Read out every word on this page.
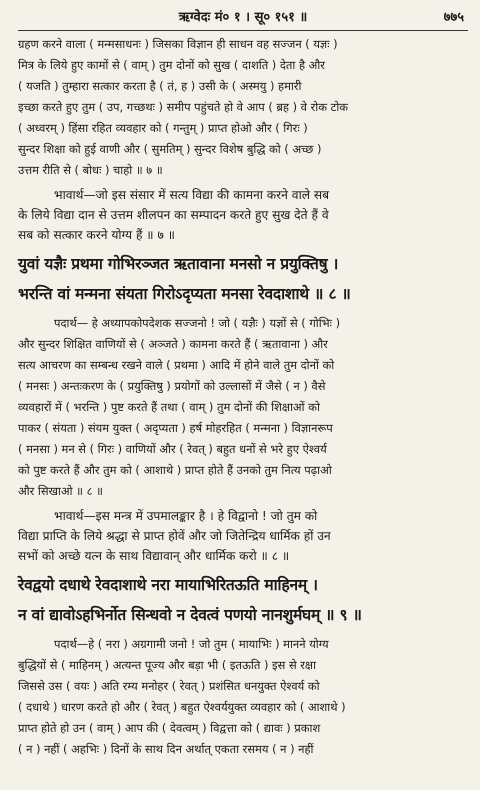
ऋग्वेदः मं० १ । सू० १५१ ॥	७७५
ग्रहण करने वाला ( मन्मसाधनः ) जिसका विज्ञान ही साधन वह सज्जन ( यज्ञः )
मित्र के लिये हुए कामों से ( वाम् ) तुम दोनों को सुख ( दाशति ) देता है और
( यजति ) तुम्हारा सत्कार करता है ( तं, ह ) उसी के ( अस्मयु ) हमारी
इच्छा करते हुए तुम ( उप, गच्छथः ) समीप पहुंचते हो वे आप ( ब्रह ) वे रोक टोक
( अध्वरम् ) हिंसा रहित व्यवहार को ( गन्तुम् ) प्राप्त होओ और ( गिरः )
सुन्दर शिक्षा को हुई वाणी और ( सुमतिम् ) सुन्दर विशेष बुद्धि को ( अच्छ )
उत्तम रीति से ( बोधः ) चाहो ॥ ७ ॥
भावार्थ—जो इस संसार में सत्य विद्या की कामना करने वाले सब
के लिये विद्या दान से उत्तम शीलपन का सम्पादन करते हुए सुख देते हैं वे
सब को सत्कार करने योग्य हैं ॥ ७ ॥
युवां यज्ञैः प्रथमा गोभिरञ्जत ऋतावाना मनसो न प्रयुक्तिषु ।
भरन्ति वां मन्मना संयता गिरोऽदृप्यता मनसा रेवदाशाथे ॥ ८ ॥
पदार्थ— हे अध्यापकोपदेशक सज्जनो ! जो ( यज्ञैः ) यज्ञों से ( गोभिः )
और सुन्दर शिक्षित वाणियों से ( अञ्जते ) कामना करते हैं ( ऋतावाना ) और
सत्य आचरण का सम्बन्ध रखने वाले ( प्रथमा ) आदि में होने वाले तुम दोनों को
( मनसः ) अन्तःकरण के ( प्रयुक्तिषु ) प्रयोगों को उल्लासों में जैसे ( न ) वैसे
व्यवहारों में ( भरन्ति ) पुष्ट करते हैं तथा ( वाम् ) तुम दोनों की शिक्षाओं को
पाकर ( संयता ) संयम युक्त ( अदृप्यता ) हर्ष मोहरहित ( मन्मना ) विज्ञानरूप
( मनसा ) मन से ( गिरः ) वाणियों और ( रेवत् ) बहुत धनों से भरे हुए ऐश्वर्य
को पुष्ट करते हैं और तुम को ( आशाथे ) प्राप्त होते हैं उनको तुम नित्य पढ़ाओ
और सिखाओ ॥ ८ ॥
भावार्थ—इस मन्त्र में उपमालङ्कार है । हे विद्वानो ! जो तुम को
विद्या प्राप्ति के लिये श्रद्धा से प्राप्त होवें और जो जितेन्द्रिय धार्मिक हों उन
सभों को अच्छे यत्न के साथ विद्यावान् और धार्मिक करो ॥ ८ ॥
रेवद्वयो दधाथे रेवदाशाथे नरा मायाभिरितऊति माहिनम् ।
न वां द्यावोऽहभिर्नोत सिन्धवो न देवत्वं पणयो नानशुर्मघम् ॥ ९ ॥
पदार्थ—हे ( नरा ) अग्रगामी जनो ! जो तुम ( मायाभिः ) मानने योग्य
बुद्धियों से ( माहिनम् ) अत्यन्त पूज्य और बड़ा भी ( इतऊति ) इस से रक्षा
जिससे उस ( वयः ) अति रम्य मनोहर ( रेवत् ) प्रशंसित धनयुक्त ऐश्वर्य को
( दधाथे ) धारण करते हो और ( रेवत् ) बहुत ऐश्वर्ययुक्त व्यवहार को ( आशाथे )
प्राप्त होते हो उन ( वाम् ) आप की ( देवत्वम् ) विद्वत्ता को ( द्यावः ) प्रकाश
( न ) नहीं ( अहभिः ) दिनों के साथ दिन अर्थात् एकता रसमय ( न ) नहीं
